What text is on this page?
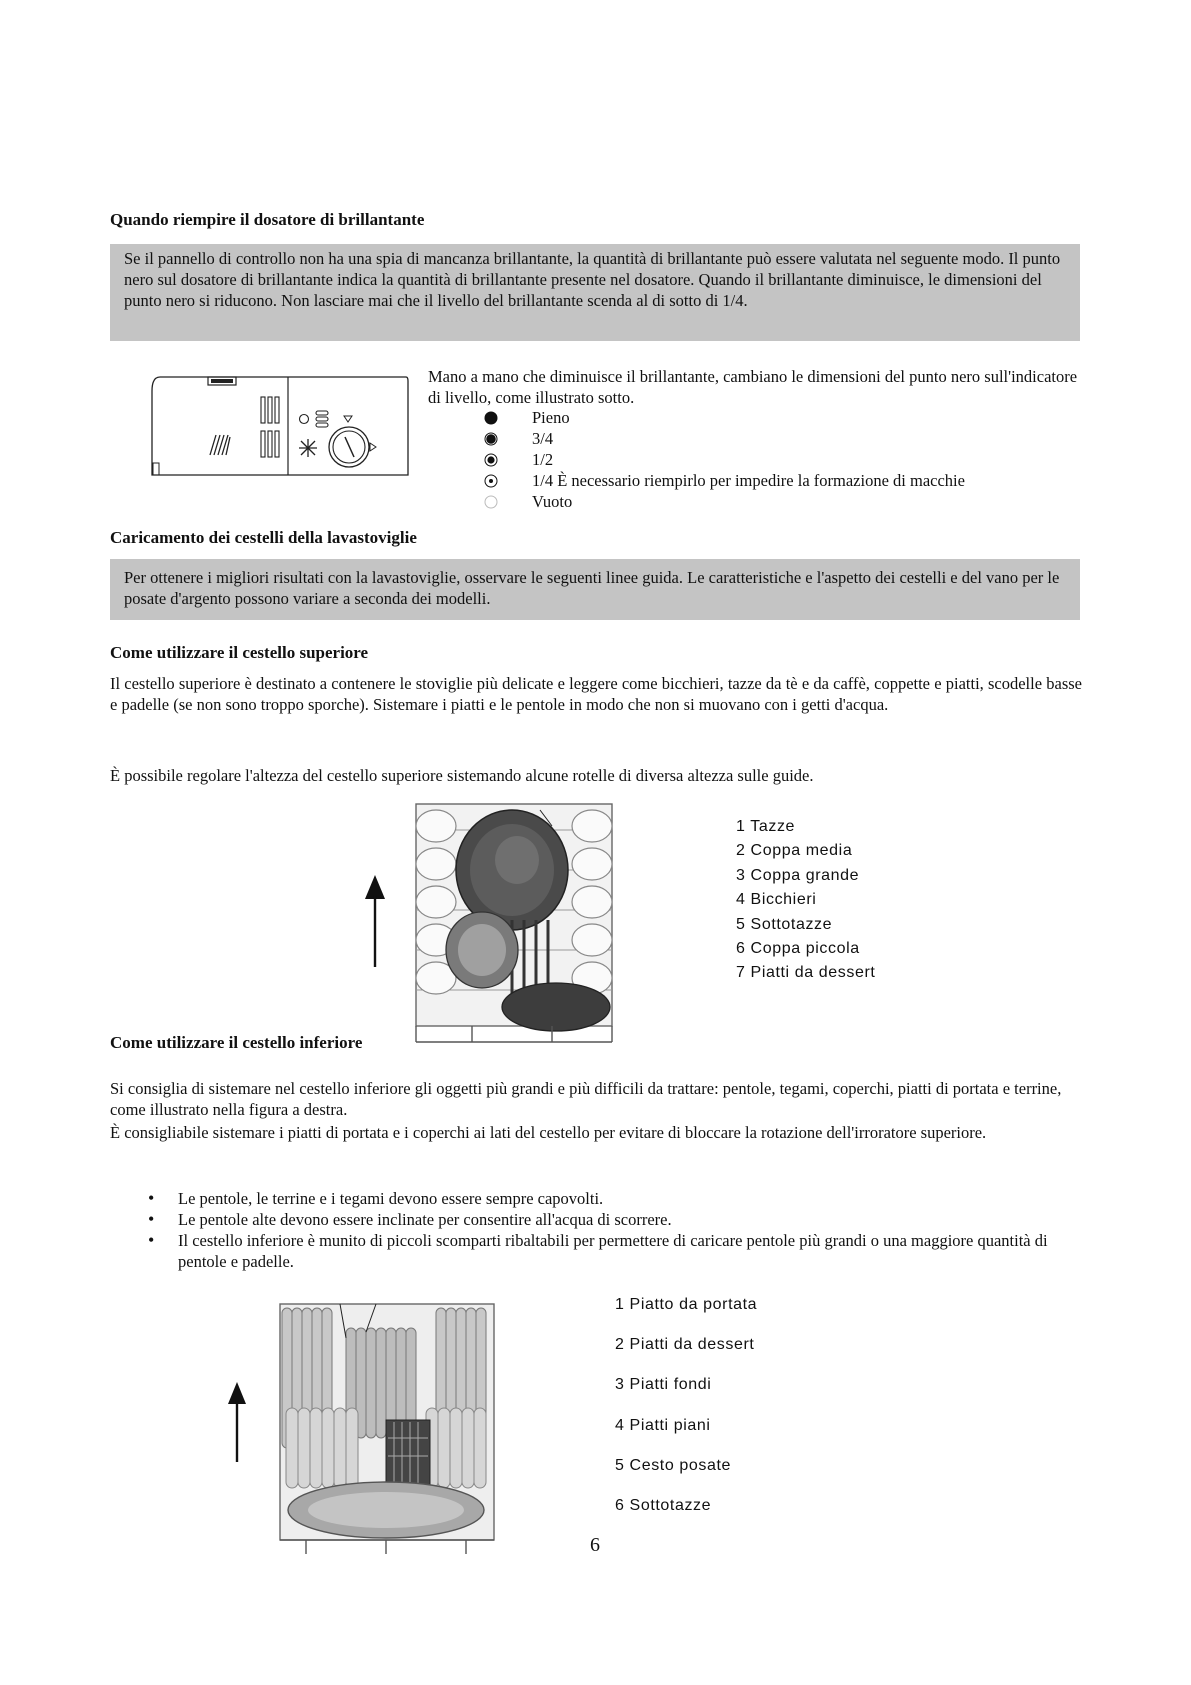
Quando riempire il dosatore di brillantante
Se il pannello di controllo non ha una spia di mancanza brillantante, la quantità di brillantante può essere valutata nel seguente modo. Il punto nero sul dosatore di brillantante indica la quantità di brillantante presente nel dosatore. Quando il brillantante diminuisce, le dimensioni del punto nero si riducono. Non lasciare mai che il livello del brillantante scenda al di sotto di 1/4.
Mano a mano che diminuisce il brillantante, cambiano le dimensioni del punto nero sull'indicatore di livello, come illustrato sotto.
Pieno
3/4
1/2
1/4 È necessario riempirlo per impedire la formazione di macchie
Vuoto
Caricamento dei cestelli della lavastoviglie
Per ottenere i migliori risultati con la lavastoviglie, osservare le seguenti linee guida. Le caratteristiche e l'aspetto dei cestelli e del vano per le posate d'argento possono variare a seconda dei modelli.
Come utilizzare il cestello superiore
Il cestello superiore è destinato a contenere le stoviglie più delicate e leggere come bicchieri, tazze da tè e da caffè, coppette e piatti, scodelle basse e padelle (se non sono troppo sporche). Sistemare i piatti e le pentole in modo che non si muovano con i getti d'acqua.
È possibile regolare l'altezza del cestello superiore sistemando alcune rotelle di diversa altezza sulle guide.
1 Tazze
2 Coppa media
3 Coppa grande
4 Bicchieri
5 Sottotazze
6 Coppa piccola
7 Piatti da dessert
Come utilizzare il cestello inferiore
Si consiglia di sistemare nel cestello inferiore gli oggetti più grandi e più difficili da trattare: pentole, tegami, coperchi, piatti di portata e terrine, come illustrato nella figura a destra.
È consigliabile sistemare i piatti di portata e i coperchi ai lati del cestello per evitare di bloccare la rotazione dell'irroratore superiore.
• Le pentole, le terrine e i tegami devono essere sempre capovolti.
• Le pentole alte devono essere inclinate per consentire all'acqua di scorrere.
• Il cestello inferiore è munito di piccoli scomparti ribaltabili per permettere di caricare pentole più grandi o una maggiore quantità di pentole e padelle.
1 Piatto da portata
2 Piatti da dessert
3 Piatti fondi
4 Piatti piani
5 Cesto posate
6 Sottotazze
6
